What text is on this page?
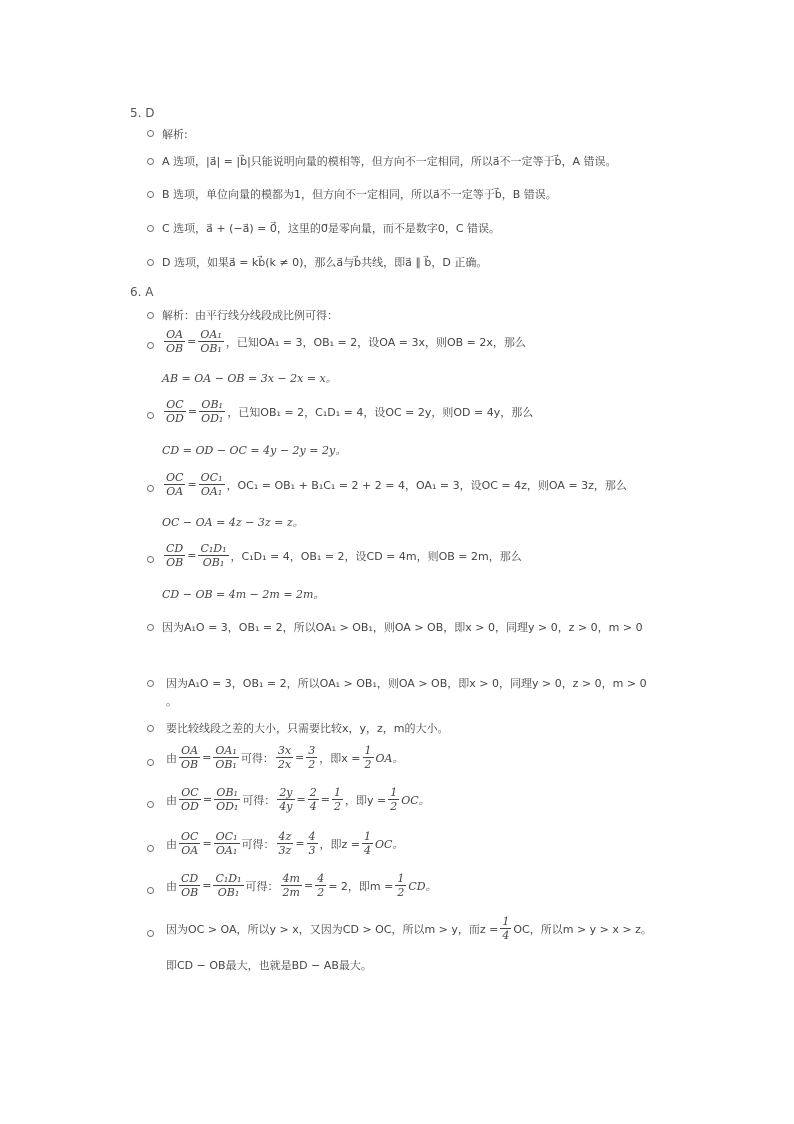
5. D
解析:
A 选项，|a⃗| = |b⃗|只能说明向量的模相等，但方向不一定相同，所以a⃗不一定等于b⃗，A 错误。
B 选项，单位向量的模都为1，但方向不一定相同，所以a⃗不一定等于b⃗，B 错误。
C 选项，a⃗ + (−a⃗) = 0⃗，这里的0⃗是零向量，而不是数字0，C 错误。
D 选项，如果a⃗ = kb⃗(k ≠ 0)，那么a⃗与b⃗共线，即a⃗ ∥ b⃗，D 正确。
6. A
解析：由平行线分线段成比例可得：
$\frac{OA}{OB} = \frac{\text{OA₁}}{\text{OB₁}}$ ，已知OA₁ = 3，OB₁ = 2，设OA = 3x，则OB = 2x，那么
AB = OA − OB = 3x − 2x = x。
$\frac{OC}{OD} = \frac{\text{OB₁}}{\text{OD₁}}$ ，已知OB₁ = 2，C₁D₁ = 4，设OC = 2y，则OD = 4y，那么
CD = OD − OC = 4y − 2y = 2y。
$\frac{OC}{OA} = \frac{\text{OC₁}}{\text{OA₁}}$ ，OC₁ = OB₁ + B₁C₁ = 2 + 2 = 4，OA₁ = 3，设OC = 4z，则OA = 3z，那么
OC − OA = 4z − 3z = z。
$\frac{CD}{OB} = \frac{\text{C₁D₁}}{\text{OB₁}}$ ，C₁D₁ = 4，OB₁ = 2，设CD = 4m，则OB = 2m，那么
CD − OB = 4m − 2m = 2m。
因为A₁O = 3，OB₁ = 2，所以OA₁ > OB₁，则OA > OB，即x > 0，同理y > 0，z > 0，m > 0
因为A₁O = 3，OB₁ = 2，所以OA₁ > OB₁，则OA > OB，即x > 0，同理y > 0，z > 0，m > 0
。
要比较线段之差的大小，只需要比较x，y，z，m的大小。
由 $\frac{OA}{OB} = \frac{\text{OA₁}}{\text{OB₁}}$ 可得： $\frac{3x}{2x} = \frac{3}{2}$ ，即$x = \frac{1}{2}$ OA。
由 $\frac{OC}{OD} = \frac{\text{OB₁}}{\text{OD₁}}$ 可得： $\frac{2y}{4y} = \frac{2}{4} = \frac{1}{2}$ ，即$y = \frac{1}{2}$ OC。
由 $\frac{OC}{OA} = \frac{\text{OC₁}}{\text{OA₁}}$ 可得： $\frac{4z}{3z} = \frac{4}{3}$ ，即$z = \frac{1}{4}$ OC。
由 $\frac{CD}{OB} = \frac{\text{C₁D₁}}{\text{OB₁}}$ 可得： $\frac{4m}{2m} = \frac{4}{2} = 2$，即$m = \frac{1}{2}$ CD。
因为OC > OA，所以y > x，又因为CD > OC，所以m > y，而$z = \frac{1}{4}$ OC，所以m > y > x > z。
即CD − OB最大，也就是BD − AB最大。
